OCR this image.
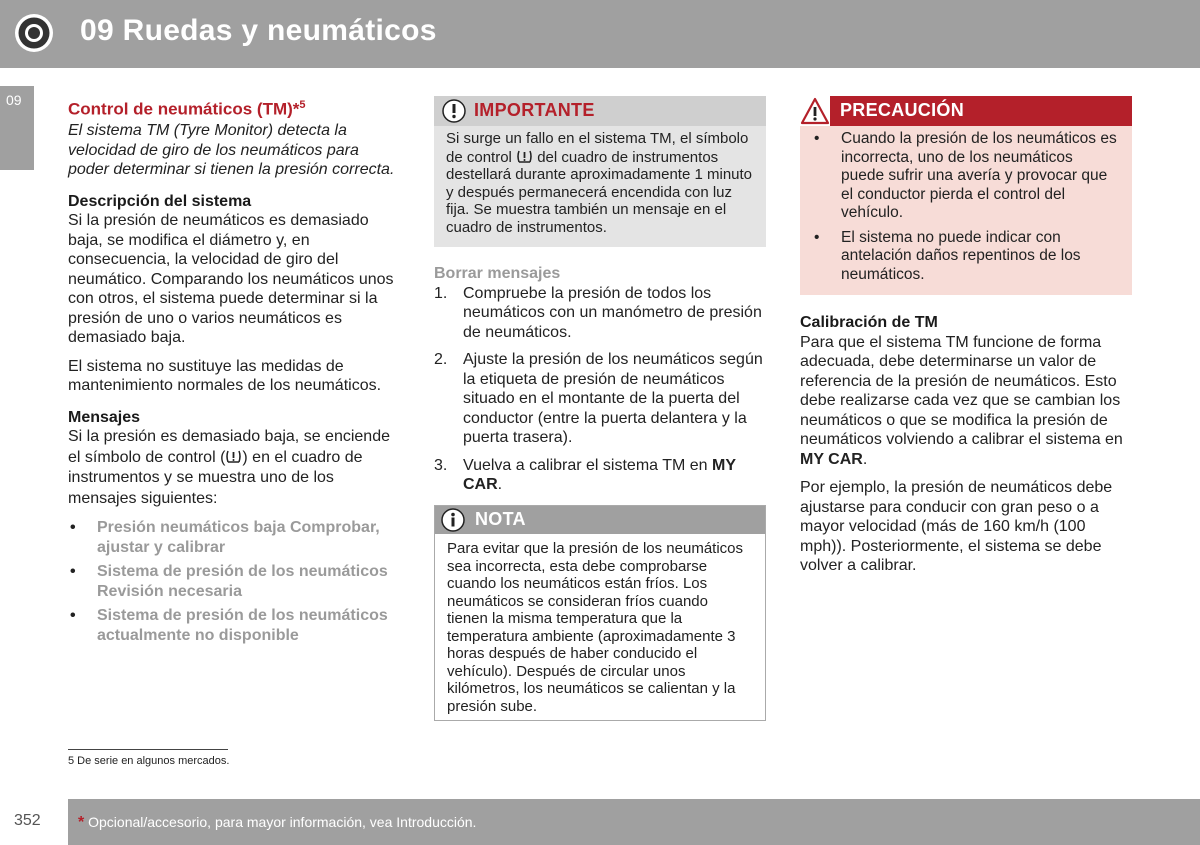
09 Ruedas y neumáticos
09	Control de neumáticos (TM)*$^5$

El sistema TM (Tyre Monitor) detecta la velocidad de giro de los neumáticos para poder determinar si tienen la presión correcta.

Descripción del sistema

Si la presión de neumáticos es demasiado baja, se modifica el diámetro y, en consecuencia, la velocidad de giro del neumático. Comparando los neumáticos unos con otros, el sistema puede determinar si la presión de uno o varios neumáticos es demasiado baja.

El sistema no sustituye las medidas de mantenimiento normales de los neumáticos.

Mensajes

Si la presión es demasiado baja, se enciende el símbolo de control ( ) en el cuadro de instrumentos y se muestra uno de los mensajes siguientes:

• Presión neumáticos baja Comprobar, ajustar y calibrar
• Sistema de presión de los neumáticos Revisión necesaria
• Sistema de presión de los neumáticos actualmente no disponible
IMPORTANTE
Si surge un fallo en el sistema TM, el símbolo de control del cuadro de instrumentos destellará durante aproximadamente 1 minuto y después permanecerá encendida con luz fija. Se muestra también un mensaje en el cuadro de instrumentos.

Borrar mensajes

1. Compruebe la presión de todos los neumáticos con un manómetro de presión de neumáticos.
2. Ajuste la presión de los neumáticos según la etiqueta de presión de neumáticos situado en el montante de la puerta del conductor (entre la puerta delantera y la puerta trasera).
3. Vuelva a calibrar el sistema TM en MY CAR.
NOTA
Para evitar que la presión de los neumáticos sea incorrecta, esta debe comprobarse cuando los neumáticos están fríos. Los neumáticos se consideran fríos cuando tienen la misma temperatura que la temperatura ambiente (aproximadamente 3 horas después de haber conducido el vehículo). Después de circular unos kilómetros, los neumáticos se calientan y la presión sube.
PRECAUCIÓN
• Cuando la presión de los neumáticos es incorrecta, uno de los neumáticos puede sufrir una avería y provocar que el conductor pierda el control del vehículo.
• El sistema no puede indicar con antelación daños repentinos de los neumáticos.

Calibración de TM

Para que el sistema TM funcione de forma adecuada, debe determinarse un valor de referencia de la presión de neumáticos. Esto debe realizarse cada vez que se cambian los neumáticos o que se modifica la presión de neumáticos volviendo a calibrar el sistema en MY CAR.

Por ejemplo, la presión de neumáticos debe ajustarse para conducir con gran peso o a mayor velocidad (más de 160 km/h (100 mph)). Posteriormente, el sistema se debe volver a calibrar.

5 De serie en algunos mercados.
352 * Opcional/accesorio, para mayor información, vea Introducción.
